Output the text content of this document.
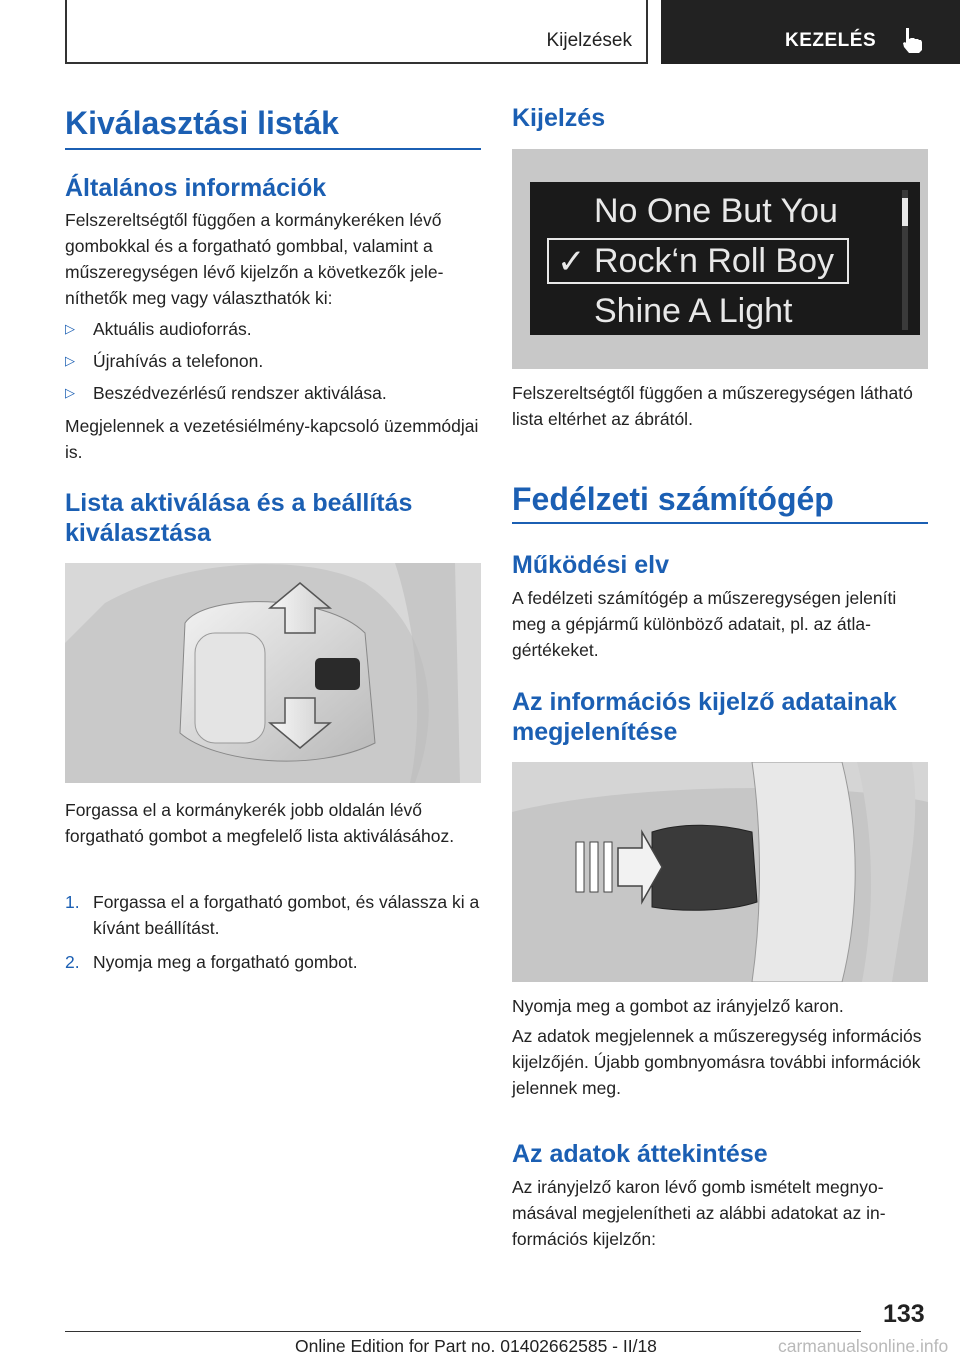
Kijelzések	KEZELÉS
Kiválasztási listák
Általános információk
Felszereltségtől függően a kormánykeréken lévő gombokkal és a forgatható gombbal, valamint a műszeregységen lévő kijelzőn a következők jeleníthetők meg vagy választhatók ki:
▷ Aktuális audioforrás.
▷ Újrahívás a telefonon.
▷ Beszédvezérlésű rendszer aktiválása.
Megjelennek a vezetésiélmény-kapcsoló üzemmódjai is.
Lista aktiválása és a beállítás kiválasztása
Forgassa el a kormánykerék jobb oldalán lévő forgatható gombot a megfelelő lista aktiválásához.
1. Forgassa el a forgatható gombot, és válassza ki a kívánt beállítást.
2. Nyomja meg a forgatható gombot.
Kijelzés
No One But You
✓ Rock‘n Roll Boy
Shine A Light
Felszereltségtől függően a műszeregységen látható lista eltérhet az ábrától.
Fedélzeti számítógép
Működési elv
A fedélzeti számítógép a műszeregységen jeleníti meg a gépjármű különböző adatait, pl. az átlagértékeket.
Az információs kijelző adatainak megjelenítése
Nyomja meg a gombot az irányjelző karon.
Az adatok megjelennek a műszeregység információs kijelzőjén. Újabb gombnyomásra további információk jelennek meg.
Az adatok áttekintése
Az irányjelző karon lévő gomb ismételt megnyomásával megjelenítheti az alábbi adatokat az információs kijelzőn:
133
Online Edition for Part no. 01402662585 - II/18	carmanualsonline.info
